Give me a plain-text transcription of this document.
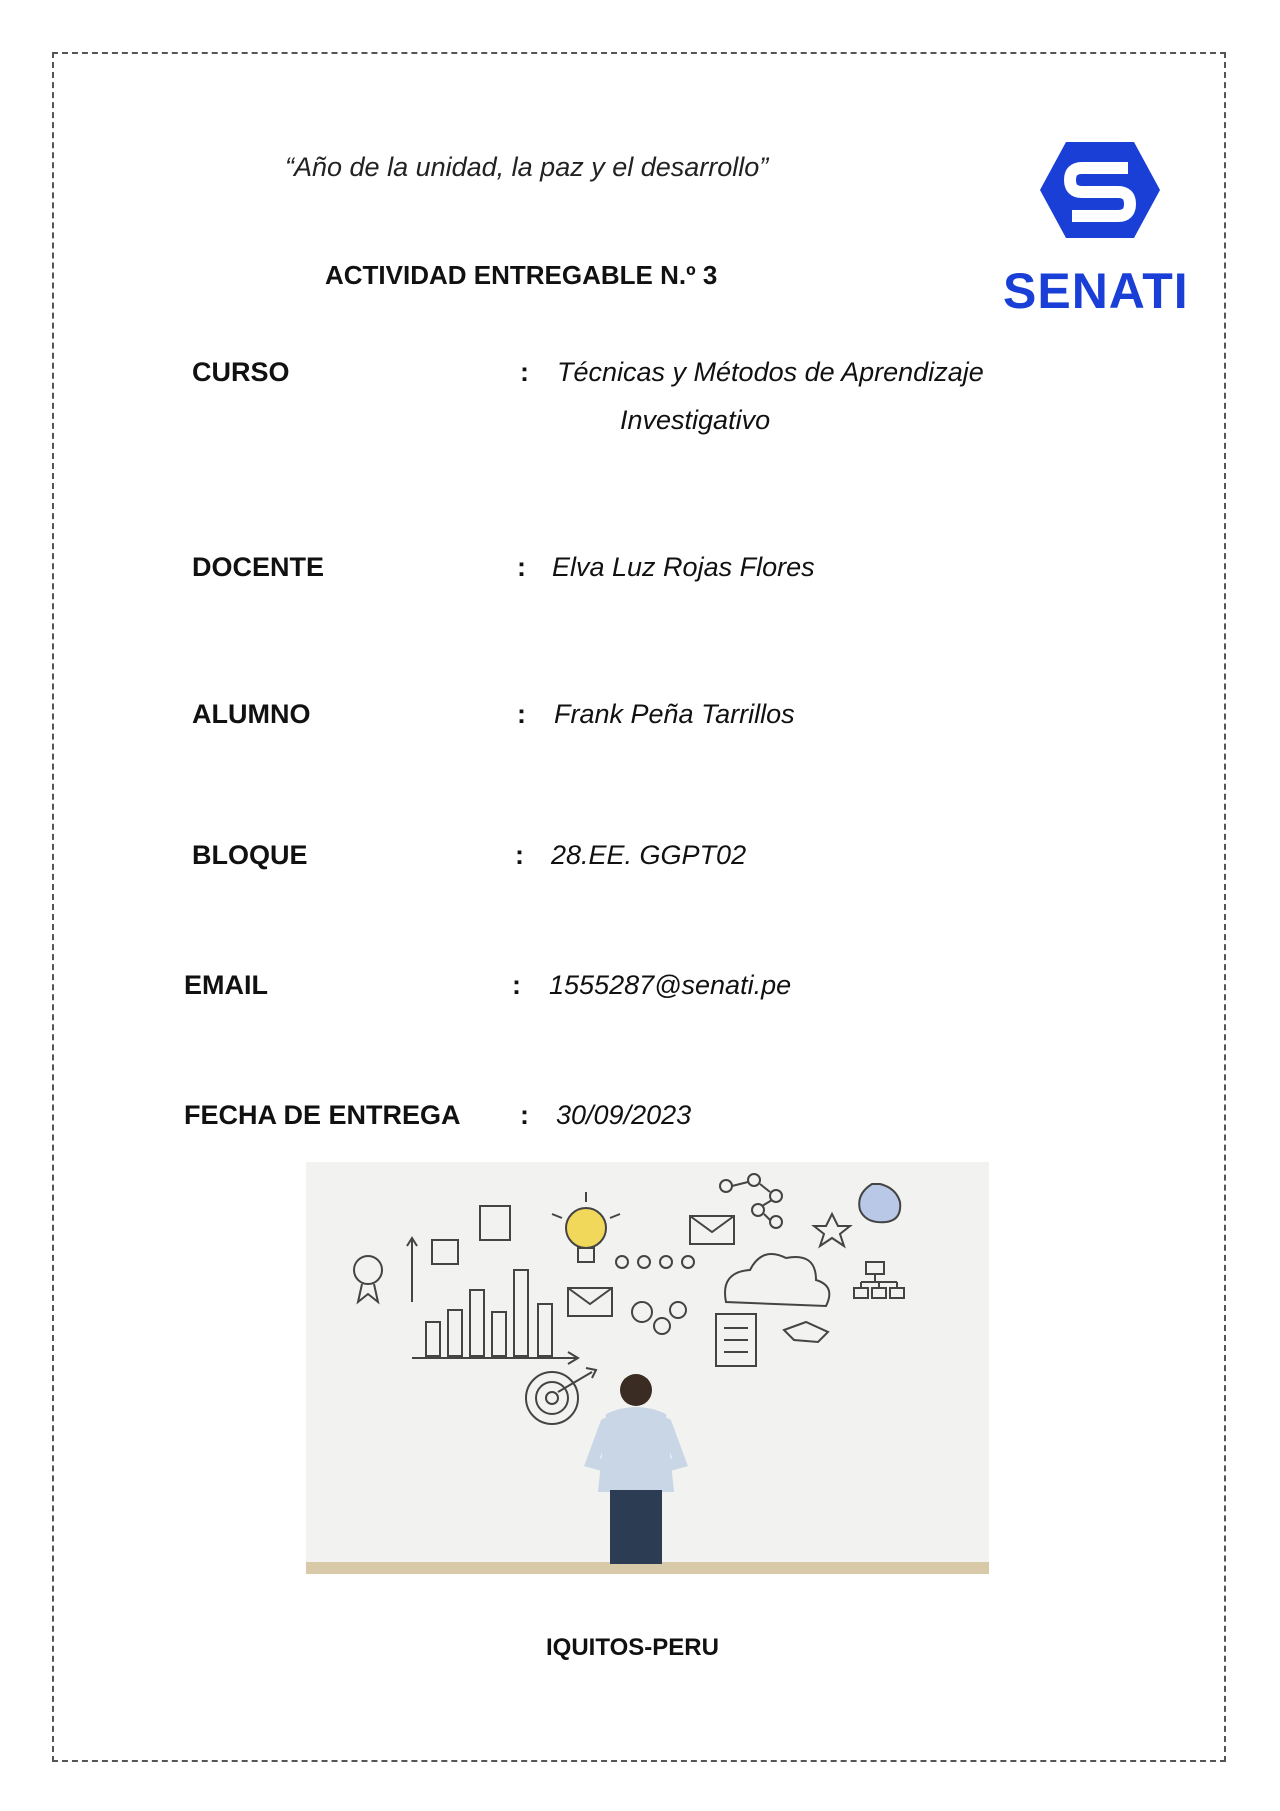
“Año de la unidad, la paz y el desarrollo”
ACTIVIDAD ENTREGABLE N.º 3	SENATI
CURSO	: Técnicas y Métodos de Aprendizaje
Investigativo
DOCENTE	: Elva Luz Rojas Flores
ALUMNO	: Frank Peña Tarrillos
BLOQUE	: 28.EE. GGPT02
EMAIL	: 1555287@senati.pe
FECHA DE ENTREGA : 30/09/2023
IQUITOS-PERU
